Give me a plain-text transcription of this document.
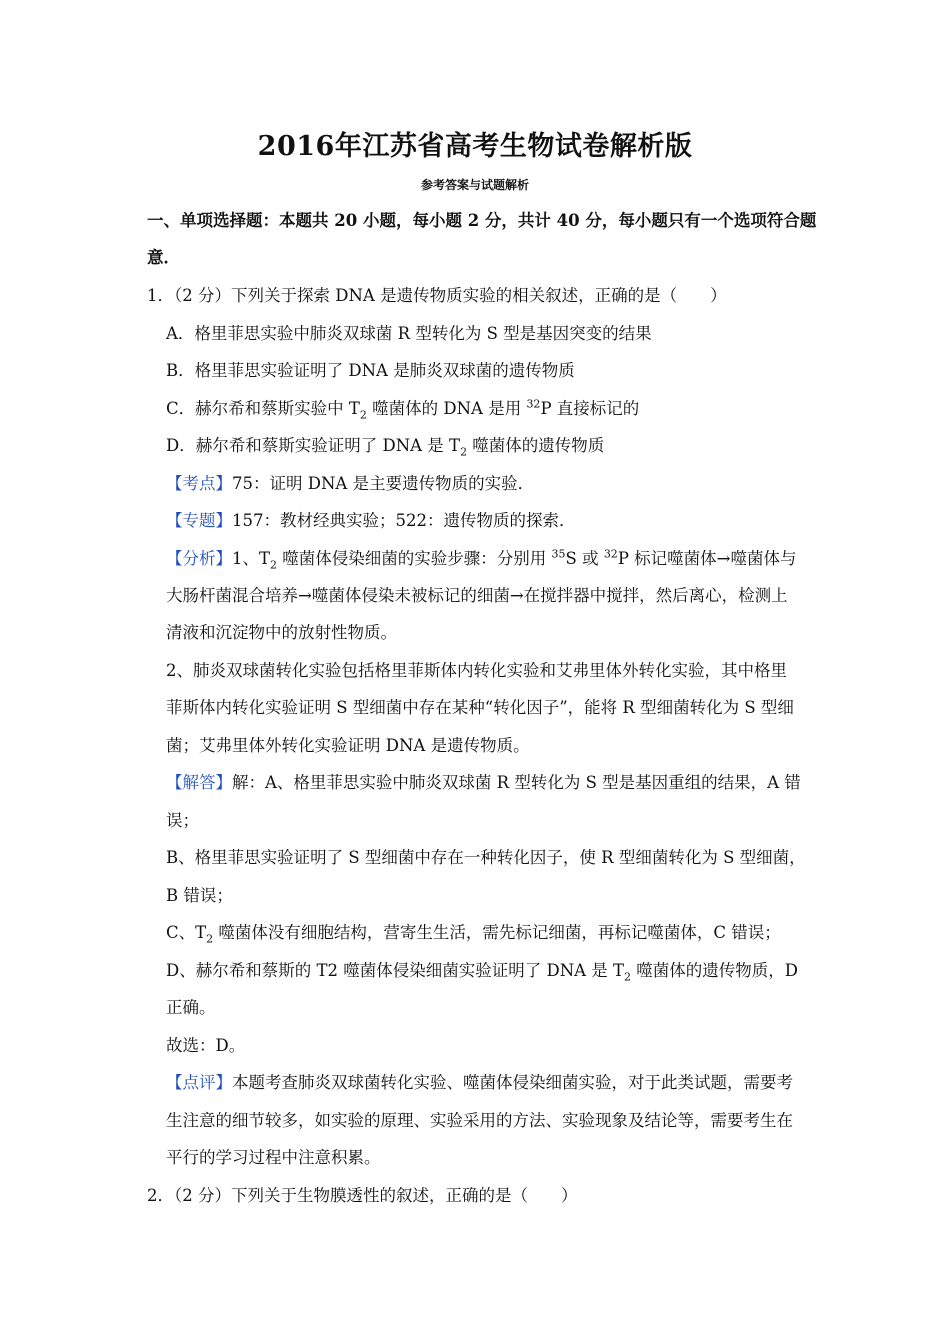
2016年江苏省高考生物试卷解析版
参考答案与试题解析
一、单项选择题：本题共 20 小题，每小题 2 分，共计 40 分，每小题只有一个选项符合题
意．
1．（2 分）下列关于探索 DNA 是遗传物质实验的相关叙述，正确的是（　　）
A．格里菲思实验中肺炎双球菌 R 型转化为 S 型是基因突变的结果
B．格里菲思实验证明了 DNA 是肺炎双球菌的遗传物质
C．赫尔希和蔡斯实验中 $T_2$ 噬菌体的 DNA 是用 $^{32}$P 直接标记的
D．赫尔希和蔡斯实验证明了 DNA 是 $T_2$ 噬菌体的遗传物质
【考点】75：证明 DNA 是主要遗传物质的实验．
【专题】157：教材经典实验；522：遗传物质的探索．
【分析】1、$T_2$ 噬菌体侵染细菌的实验步骤：分别用 $^{35}$S 或 $^{32}$P 标记噬菌体→噬菌体与
大肠杆菌混合培养→噬菌体侵染未被标记的细菌→在搅拌器中搅拌，然后离心，检测上
清液和沉淀物中的放射性物质。
2、肺炎双球菌转化实验包括格里菲斯体内转化实验和艾弗里体外转化实验，其中格里
菲斯体内转化实验证明 S 型细菌中存在某种“转化因子”，能将 R 型细菌转化为 S 型细
菌；艾弗里体外转化实验证明 DNA 是遗传物质。
【解答】解：A、格里菲思实验中肺炎双球菌 R 型转化为 S 型是基因重组的结果，A 错
误；
B、格里菲思实验证明了 S 型细菌中存在一种转化因子，使 R 型细菌转化为 S 型细菌，
B 错误；
C、$T_2$ 噬菌体没有细胞结构，营寄生生活，需先标记细菌，再标记噬菌体，C 错误；
D、赫尔希和蔡斯的 T2 噬菌体侵染细菌实验证明了 DNA 是 $T_2$ 噬菌体的遗传物质，D
正确。
故选：D。
【点评】本题考查肺炎双球菌转化实验、噬菌体侵染细菌实验，对于此类试题，需要考
生注意的细节较多，如实验的原理、实验采用的方法、实验现象及结论等，需要考生在
平行的学习过程中注意积累。
2．（2 分）下列关于生物膜透性的叙述，正确的是（　　）
